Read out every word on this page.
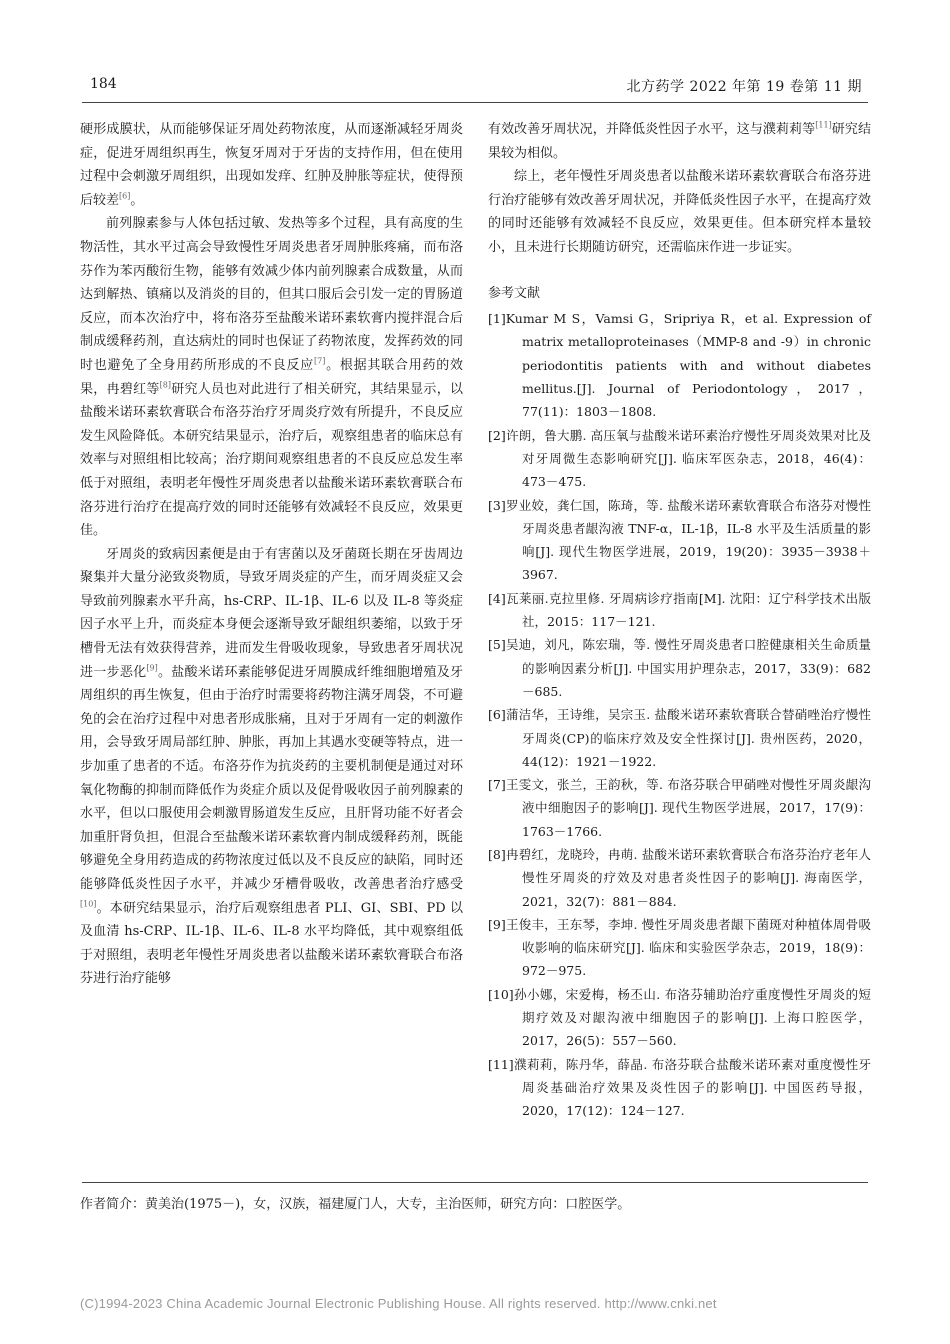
184	北方药学 2022 年第 19 卷第 11 期

硬形成膜状，从而能够保证牙周处药物浓度，从而逐渐减轻牙周炎症，促进牙周组织再生，恢复牙周对于牙齿的支持作用，但在使用过程中会刺激牙周组织，出现如发痒、红肿及肿胀等症状，使得预后较差[6]。

前列腺素参与人体包括过敏、发热等多个过程，具有高度的生物活性，其水平过高会导致慢性牙周炎患者牙周肿胀疼痛，而布洛芬作为苯丙酸衍生物，能够有效减少体内前列腺素合成数量，从而达到解热、镇痛以及消炎的目的，但其口服后会引发一定的胃肠道反应，而本次治疗中，将布洛芬至盐酸米诺环素软膏内搅拌混合后制成缓释药剂，直达病灶的同时也保证了药物浓度，发挥药效的同时也避免了全身用药所形成的不良反应[7]。根据其联合用药的效果，冉碧红等[8]研究人员也对此进行了相关研究，其结果显示，以盐酸米诺环素软膏联合布洛芬治疗牙周炎疗效有所提升，不良反应发生风险降低。本研究结果显示，治疗后，观察组患者的临床总有效率与对照组相比较高；治疗期间观察组患者的不良反应总发生率低于对照组，表明老年慢性牙周炎患者以盐酸米诺环素软膏联合布洛芬进行治疗在提高疗效的同时还能够有效减轻不良反应，效果更佳。

牙周炎的致病因素便是由于有害菌以及牙菌斑长期在牙齿周边聚集并大量分泌致炎物质，导致牙周炎症的产生，而牙周炎症又会导致前列腺素水平升高，hs-CRP、IL-1β、IL-6 以及 IL-8 等炎症因子水平上升，而炎症本身便会逐渐导致牙龈组织萎缩，以致于牙槽骨无法有效获得营养，进而发生骨吸收现象，导致患者牙周状况进一步恶化[9]。盐酸米诺环素能够促进牙周膜成纤维细胞增殖及牙周组织的再生恢复，但由于治疗时需要将药物注满牙周袋，不可避免的会在治疗过程中对患者形成胀痛，且对于牙周有一定的刺激作用，会导致牙周局部红肿、肿胀，再加上其遇水变硬等特点，进一步加重了患者的不适。布洛芬作为抗炎药的主要机制便是通过对环氧化物酶的抑制而降低作为炎症介质以及促骨吸收因子前列腺素的水平，但以口服使用会刺激胃肠道发生反应，且肝肾功能不好者会加重肝肾负担，但混合至盐酸米诺环素软膏内制成缓释药剂，既能够避免全身用药造成的药物浓度过低以及不良反应的缺陷，同时还能够降低炎性因子水平，并减少牙槽骨吸收，改善患者治疗感受[10]。本研究结果显示，治疗后观察组患者 PLI、GI、SBI、PD 以及血清 hs-CRP、IL-1β、IL-6、IL-8 水平均降低，其中观察组低于对照组，表明老年慢性牙周炎患者以盐酸米诺环素软膏联合布洛芬进行治疗能够

有效改善牙周状况，并降低炎性因子水平，这与濮莉莉等[11]研究结果较为相似。

综上，老年慢性牙周炎患者以盐酸米诺环素软膏联合布洛芬进行治疗能够有效改善牙周状况，并降低炎性因子水平，在提高疗效的同时还能够有效减轻不良反应，效果更佳。但本研究样本量较小，且未进行长期随访研究，还需临床作进一步证实。

参考文献
[1]Kumar M S，Vamsi G，Sripriya R，et al. Expression of matrix metalloproteinases（MMP-8 and -9）in chronic periodontitis patients with and without diabetes mellitus.[J]. Journal of Periodontology，2017，77(11)：1803－1808.
[2]许朗，鲁大鹏. 高压氧与盐酸米诺环素治疗慢性牙周炎效果对比及对牙周微生态影响研究[J]. 临床军医杂志，2018，46(4)：473－475.
[3]罗业姣，龚仁国，陈琦，等. 盐酸米诺环素软膏联合布洛芬对慢性牙周炎患者龈沟液 TNF-α，IL-1β，IL-8 水平及生活质量的影响[J]. 现代生物医学进展，2019，19(20)：3935－3938＋3967.
[4]瓦莱丽.克拉里修. 牙周病诊疗指南[M]. 沈阳：辽宁科学技术出版社，2015：117－121.
[5]吴迪，刘凡，陈宏瑞，等. 慢性牙周炎患者口腔健康相关生命质量的影响因素分析[J]. 中国实用护理杂志，2017，33(9)：682－685.
[6]蒲洁华，王诗维，吴宗玉. 盐酸米诺环素软膏联合替硝唑治疗慢性牙周炎(CP)的临床疗效及安全性探讨[J]. 贵州医药，2020，44(12)：1921－1922.
[7]王雯文，张兰，王韵秋，等. 布洛芬联合甲硝唑对慢性牙周炎龈沟液中细胞因子的影响[J]. 现代生物医学进展，2017，17(9)：1763－1766.
[8]冉碧红，龙晓玲，冉萌. 盐酸米诺环素软膏联合布洛芬治疗老年人慢性牙周炎的疗效及对患者炎性因子的影响[J]. 海南医学，2021，32(7)：881－884.
[9]王俊丰，王东琴，李坤. 慢性牙周炎患者龈下菌斑对种植体周骨吸收影响的临床研究[J]. 临床和实验医学杂志，2019，18(9)：972－975.
[10]孙小娜，宋爱梅，杨丕山. 布洛芬辅助治疗重度慢性牙周炎的短期疗效及对龈沟液中细胞因子的影响[J]. 上海口腔医学，2017，26(5)：557－560.
[11]濮莉莉，陈丹华，薛晶. 布洛芬联合盐酸米诺环素对重度慢性牙周炎基础治疗效果及炎性因子的影响[J]. 中国医药导报，2020，17(12)：124－127.
作者简介：黄美治(1975－)，女，汉族，福建厦门人，大专，主治医师，研究方向：口腔医学。
(C)1994-2023 China Academic Journal Electronic Publishing House. All rights reserved. http://www.cnki.net
